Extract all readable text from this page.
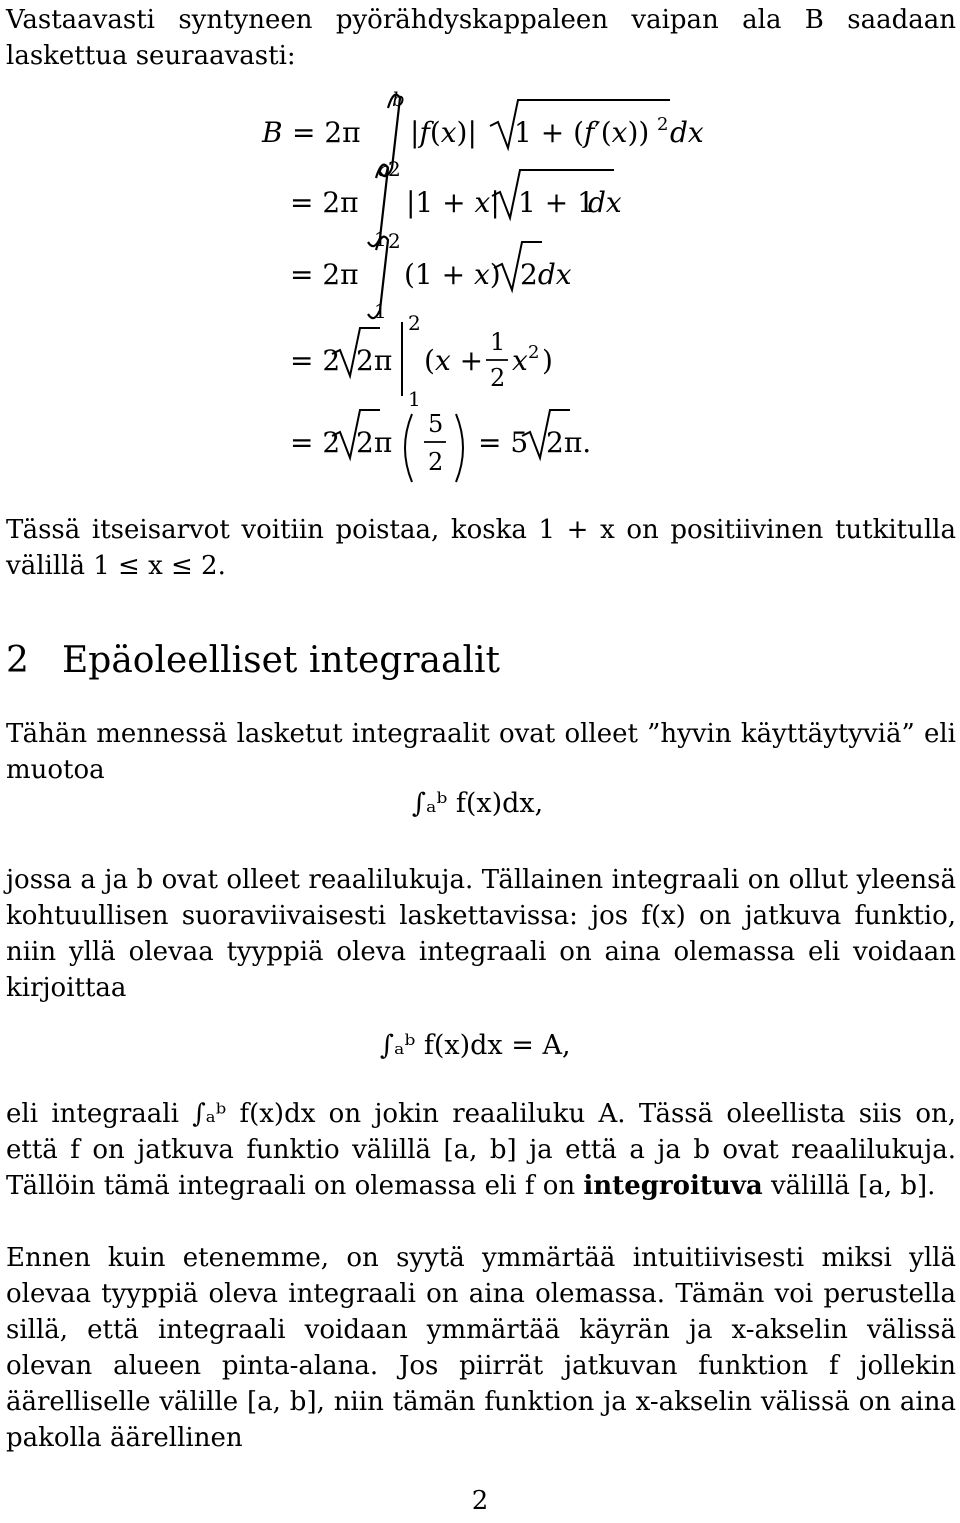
Vastaavasti syntyneen pyörähdyskappaleen vaipan ala B saadaan laskettua seuraavasti:

B = 2π
b
a
|f(x)| 1 + (f′(x)) 2 dx
= 2π
2
1
|1 + x| 1 + 1
dx
= 2π
2
1
(1 + x) 2dx
= 2 2π
2
1
(x +
1
2
x 2 )
= 2 2π
5
2
= 5 2π.

Tässä itseisarvot voitiin poistaa, koska 1 + x on positiivinen tutkitulla välillä 1 ≤ x ≤ 2.

2 Epäoleelliset integraalit

Tähän mennessä lasketut integraalit ovat olleet ”hyvin käyttäytyviä” eli muotoa

∫ₐᵇ f(x)dx,

jossa a ja b ovat olleet reaalilukuja. Tällainen integraali on ollut yleensä kohtuullisen suoraviivaisesti laskettavissa: jos f(x) on jatkuva funktio, niin yllä olevaa tyyppiä oleva integraali on aina olemassa eli voidaan kirjoittaa

∫ₐᵇ f(x)dx = A,

eli integraali ∫ₐᵇ f(x)dx on jokin reaaliluku A. Tässä oleellista siis on, että f on jatkuva funktio välillä [a, b] ja että a ja b ovat reaalilukuja. Tällöin tämä integraali on olemassa eli f on integroituva välillä [a, b].

Ennen kuin etenemme, on syytä ymmärtää intuitiivisesti miksi yllä olevaa tyyppiä oleva integraali on aina olemassa. Tämän voi perustella sillä, että integraali voidaan ymmärtää käyrän ja x-akselin välissä olevan alueen pinta-alana. Jos piirrät jatkuvan funktion f jollekin äärelliselle välille [a, b], niin tämän funktion ja x-akselin välissä on aina pakolla äärellinen

2
